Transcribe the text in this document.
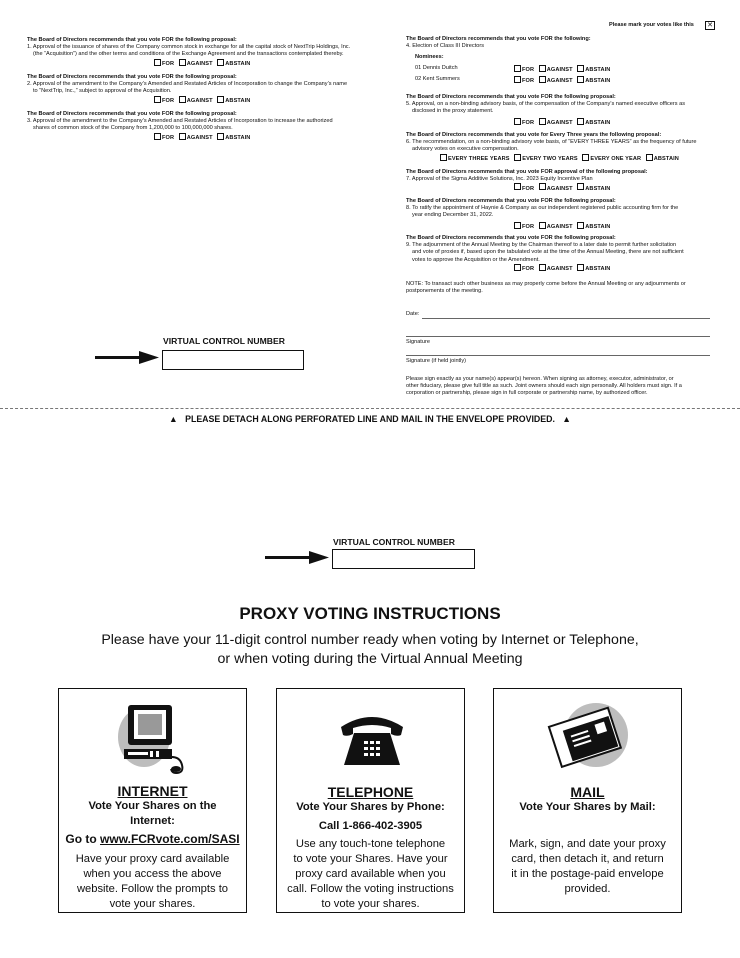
Please mark your votes like this ✕
The Board of Directors recommends that you vote FOR the following proposal:
1. Approval of the issuance of shares of the Company common stock in exchange for all the capital stock of NextTrip Holdings, Inc.
(the “Acquisition”) and the other terms and conditions of the Exchange Agreement and the transactions contemplated thereby.
FOR AGAINST ABSTAIN
The Board of Directors recommends that you vote FOR the following proposal:
2. Approval of the amendment to the Company’s Amended and Restated Articles of Incorporation to change the Company’s name
to “NextTrip, Inc.,” subject to approval of the Acquisition.
FOR AGAINST ABSTAIN
The Board of Directors recommends that you vote FOR the following proposal:
3. Approval of the amendment to the Company’s Amended and Restated Articles of Incorporation to increase the authorized
shares of common stock of the Company from 1,200,000 to 100,000,000 shares.
FOR AGAINST ABSTAIN
The Board of Directors recommends that you vote FOR the following:
4. Election of Class III Directors
Nominees:
01 Dennis Duitch	FOR AGAINST ABSTAIN
02 Kent Summers	FOR AGAINST ABSTAIN
The Board of Directors recommends that you vote FOR the following proposal:
5. Approval, on a non-binding advisory basis, of the compensation of the Company’s named executive officers as
disclosed in the proxy statement.
FOR AGAINST ABSTAIN
The Board of Directors recommends that you vote for Every Three years the following proposal:
6. The recommendation, on a non-binding advisory vote basis, of “EVERY THREE YEARS” as the frequency of future
advisory votes on executive compensation.
EVERY THREE YEARS EVERY TWO YEARS EVERY ONE YEAR ABSTAIN
The Board of Directors recommends that you vote FOR approval of the following proposal:
7. Approval of the Sigma Additive Solutions, Inc. 2023 Equity Incentive Plan
FOR AGAINST ABSTAIN
The Board of Directors recommends that you vote FOR the following proposal:
8. To ratify the appointment of Haynie & Company as our independent registered public accounting firm for the
year ending December 31, 2022.
FOR AGAINST ABSTAIN
The Board of Directors recommends that you vote FOR the following proposal:
9. The adjournment of the Annual Meeting by the Chairman thereof to a later date to permit further solicitation
and vote of proxies if, based upon the tabulated vote at the time of the Annual Meeting, there are not sufficient
votes to approve the Acquisition or the Amendment.
FOR AGAINST ABSTAIN
NOTE: To transact such other business as may properly come before the Annual Meeting or any adjournments or
postponements of the meeting.
Date:
Signature
Signature (if held jointly)
Please sign exactly as your name(s) appear(s) hereon. When signing as attorney, executor, administrator, or
other fiduciary, please give full title as such. Joint owners should each sign personally. All holders must sign. If a
corporation or partnership, please sign in full corporate or partnership name, by authorized officer.
VIRTUAL CONTROL NUMBER
▲ PLEASE DETACH ALONG PERFORATED LINE AND MAIL IN THE ENVELOPE PROVIDED. ▲
VIRTUAL CONTROL NUMBER
PROXY VOTING INSTRUCTIONS
Please have your 11-digit control number ready when voting by Internet or Telephone,
or when voting during the Virtual Annual Meeting
INTERNET
Vote Your Shares on the
Internet:
Go to www.FCRvote.com/SASI
Have your proxy card available
when you access the above
website. Follow the prompts to
vote your shares.
TELEPHONE
Vote Your Shares by Phone:
Call 1-866-402-3905
Use any touch-tone telephone
to vote your Shares. Have your
proxy card available when you
call. Follow the voting instructions
to vote your shares.
MAIL
Vote Your Shares by Mail:
Mark, sign, and date your proxy
card, then detach it, and return
it in the postage-paid envelope
provided.
